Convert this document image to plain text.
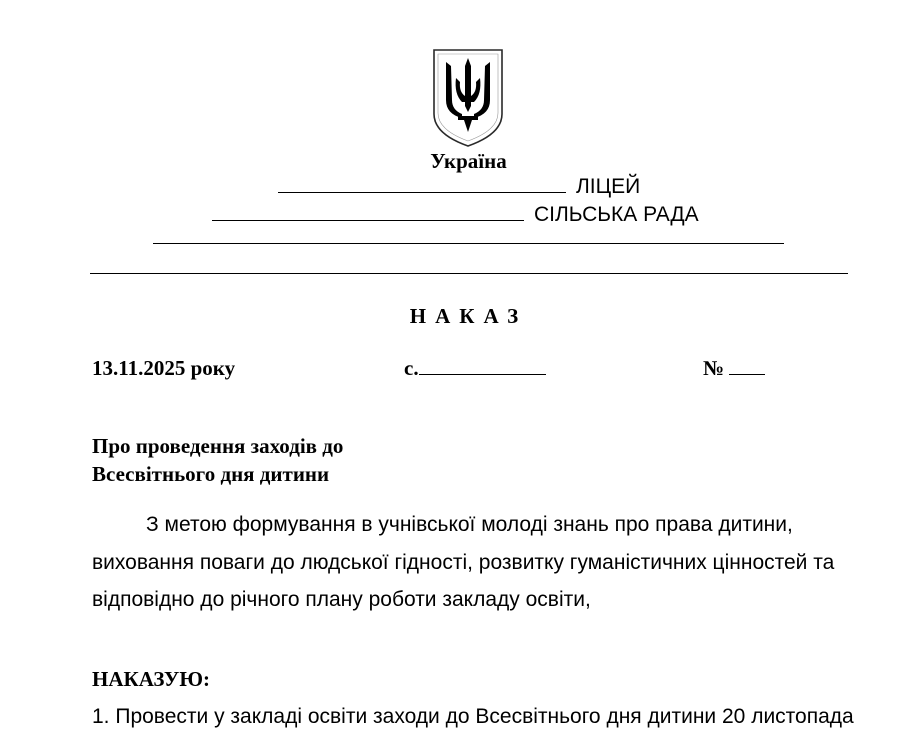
Україна
ЛІЦЕЙ
СІЛЬСЬКА РАДА
НАКАЗ
13.11.2025 року	с.	№
Про проведення заходів до
Всесвітнього дня дитини
З метою формування в учнівської молоді знань про права дитини,
виховання поваги до людської гідності, розвитку гуманістичних цінностей та
відповідно до річного плану роботи закладу освіти,
НАКАЗУЮ:
1. Провести у закладі освіти заходи до Всесвітнього дня дитини 20 листопада
